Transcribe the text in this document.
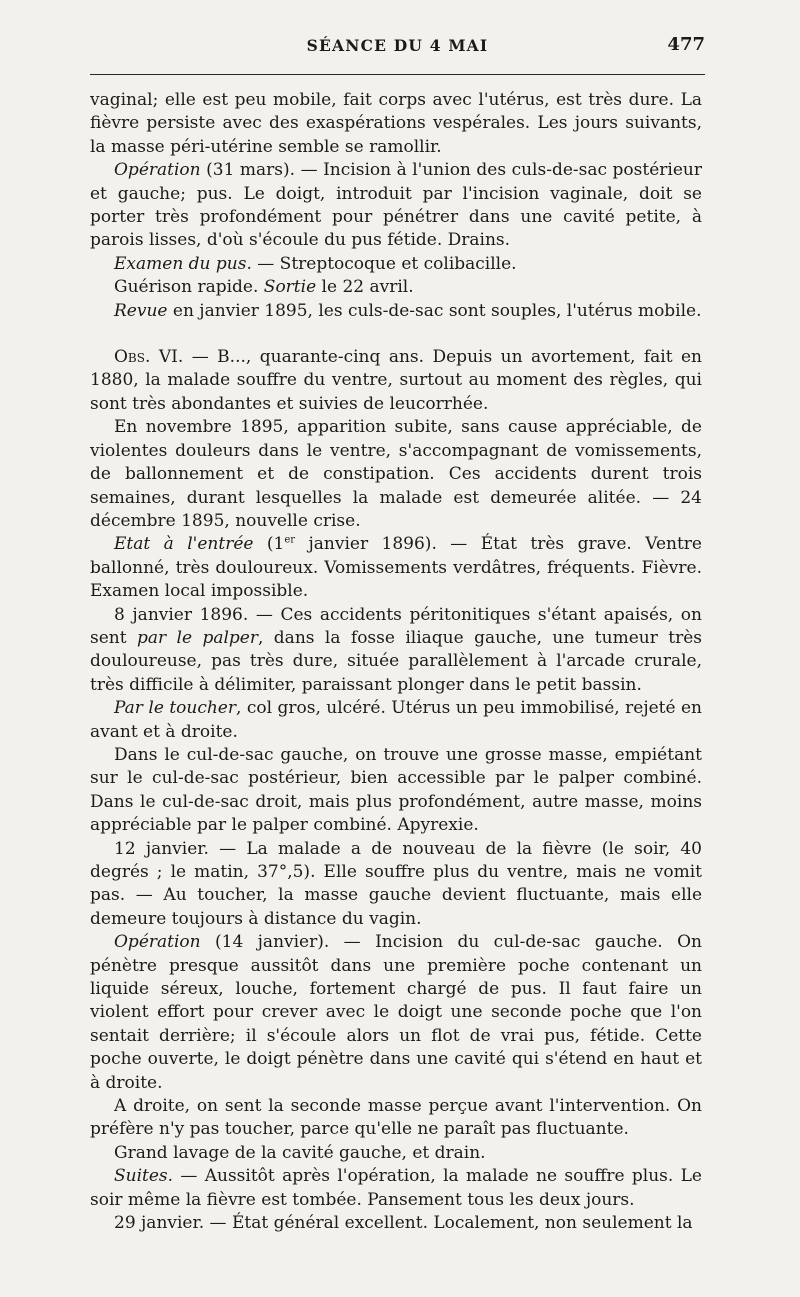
SÉANCE DU 4 MAI	477

vaginal; elle est peu mobile, fait corps avec l'utérus, est très dure. La fièvre persiste avec des exaspérations vespérales. Les jours suivants, la masse péri-utérine semble se ramollir.

Opération (31 mars). — Incision à l'union des culs-de-sac postérieur et gauche; pus. Le doigt, introduit par l'incision vaginale, doit se porter très profondément pour pénétrer dans une cavité petite, à parois lisses, d'où s'écoule du pus fétide. Drains.

Examen du pus. — Streptocoque et colibacille.

Guérison rapide. Sortie le 22 avril.

Revue en janvier 1895, les culs-de-sac sont souples, l'utérus mobile.

Obs. VI. — B..., quarante-cinq ans. Depuis un avortement, fait en 1880, la malade souffre du ventre, surtout au moment des règles, qui sont très abondantes et suivies de leucorrhée.

En novembre 1895, apparition subite, sans cause appréciable, de violentes douleurs dans le ventre, s'accompagnant de vomissements, de ballonnement et de constipation. Ces accidents durent trois semaines, durant lesquelles la malade est demeurée alitée. — 24 décembre 1895, nouvelle crise.

Etat à l'entrée (1er janvier 1896). — État très grave. Ventre ballonné, très douloureux. Vomissements verdâtres, fréquents. Fièvre. Examen local impossible.

8 janvier 1896. — Ces accidents péritonitiques s'étant apaisés, on sent par le palper, dans la fosse iliaque gauche, une tumeur très douloureuse, pas très dure, située parallèlement à l'arcade crurale, très difficile à délimiter, paraissant plonger dans le petit bassin.

Par le toucher, col gros, ulcéré. Utérus un peu immobilisé, rejeté en avant et à droite.

Dans le cul-de-sac gauche, on trouve une grosse masse, empiétant sur le cul-de-sac postérieur, bien accessible par le palper combiné. Dans le cul-de-sac droit, mais plus profondément, autre masse, moins appréciable par le palper combiné. Apyrexie.

12 janvier. — La malade a de nouveau de la fièvre (le soir, 40 degrés ; le matin, 37°,5). Elle souffre plus du ventre, mais ne vomit pas. — Au toucher, la masse gauche devient fluctuante, mais elle demeure toujours à distance du vagin.

Opération (14 janvier). — Incision du cul-de-sac gauche. On pénètre presque aussitôt dans une première poche contenant un liquide séreux, louche, fortement chargé de pus. Il faut faire un violent effort pour crever avec le doigt une seconde poche que l'on sentait derrière; il s'écoule alors un flot de vrai pus, fétide. Cette poche ouverte, le doigt pénètre dans une cavité qui s'étend en haut et à droite.

A droite, on sent la seconde masse perçue avant l'intervention. On préfère n'y pas toucher, parce qu'elle ne paraît pas fluctuante.

Grand lavage de la cavité gauche, et drain.

Suites. — Aussitôt après l'opération, la malade ne souffre plus. Le soir même la fièvre est tombée. Pansement tous les deux jours.

29 janvier. — État général excellent. Localement, non seulement la
